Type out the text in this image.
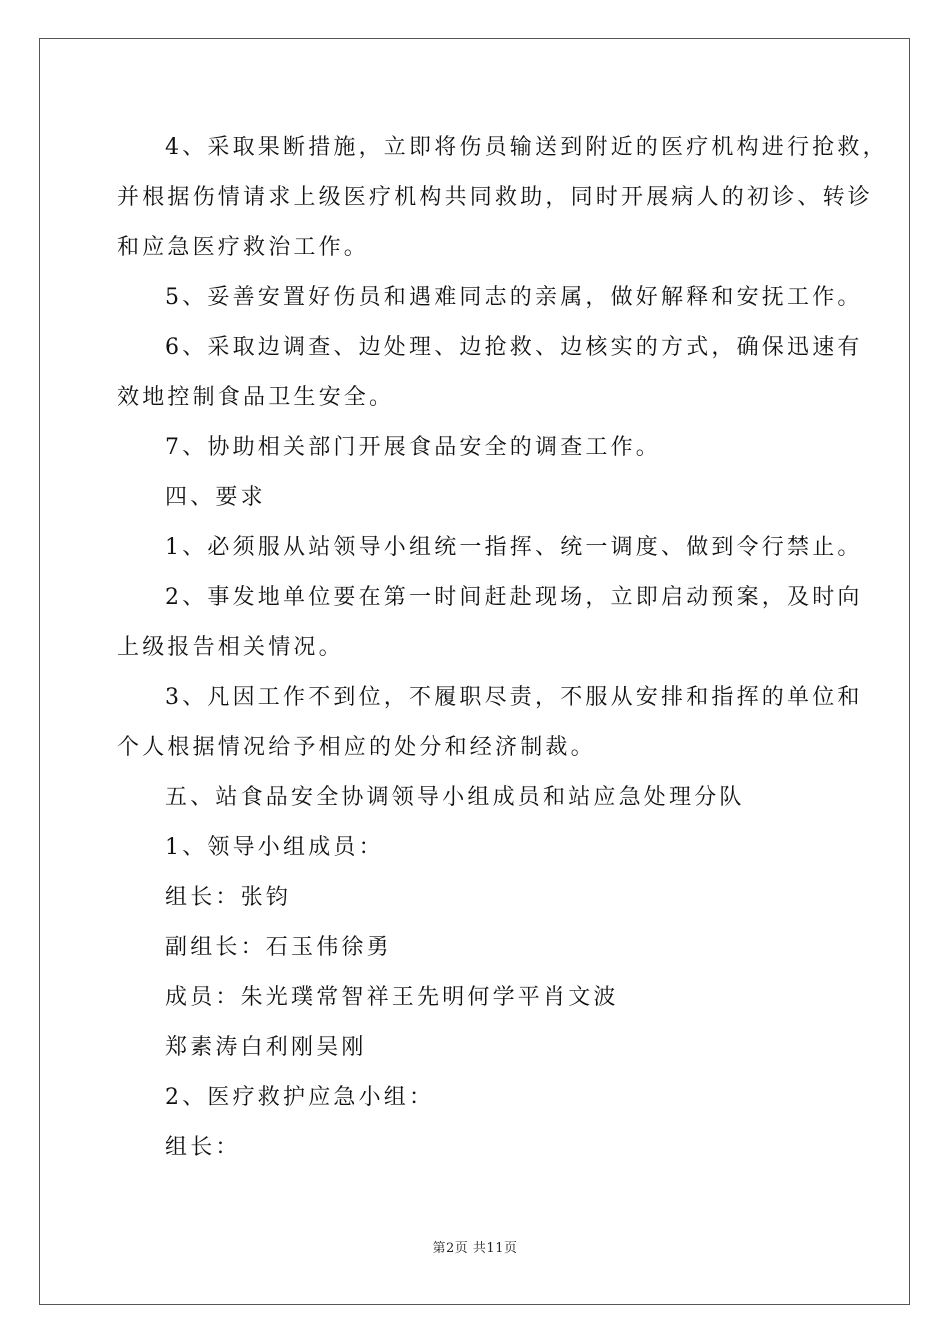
4、采取果断措施，立即将伤员输送到附近的医疗机构进行抢救，
并根据伤情请求上级医疗机构共同救助，同时开展病人的初诊、转诊
和应急医疗救治工作。
5、妥善安置好伤员和遇难同志的亲属，做好解释和安抚工作。
6、采取边调查、边处理、边抢救、边核实的方式，确保迅速有
效地控制食品卫生安全。
7、协助相关部门开展食品安全的调查工作。
四、要求
1、必须服从站领导小组统一指挥、统一调度、做到令行禁止。
2、事发地单位要在第一时间赶赴现场，立即启动预案，及时向
上级报告相关情况。
3、凡因工作不到位，不履职尽责，不服从安排和指挥的单位和
个人根据情况给予相应的处分和经济制裁。
五、站食品安全协调领导小组成员和站应急处理分队
1、领导小组成员：
组长：张钧
副组长：石玉伟徐勇
成员：朱光璞常智祥王先明何学平肖文波
郑素涛白利刚吴刚
2、医疗救护应急小组：
组长：
第2页 共11页
